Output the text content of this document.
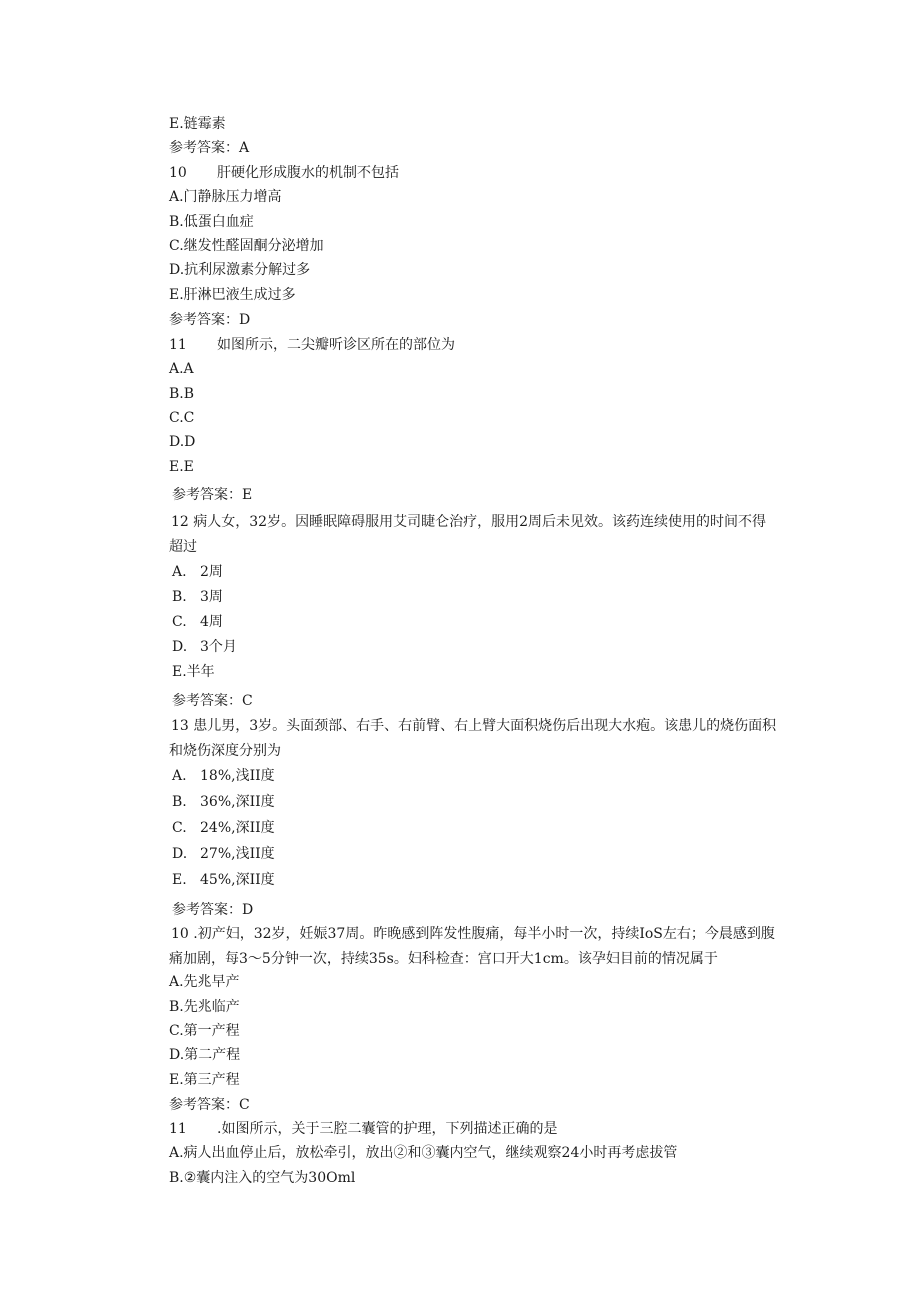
E.链霉素
参考答案：A
10 肝硬化形成腹水的机制不包括
A.门静脉压力增高
B.低蛋白血症
C.继发性醛固酮分泌增加
D.抗利尿激素分解过多
E.肝淋巴液生成过多
参考答案：D
11 如图所示，二尖瓣听诊区所在的部位为
A.A
B.B
C.C
D.D
E.E
参考答案：E
12 病人女，32岁。因睡眠障碍服用艾司睫仑治疗，服用2周后未见效。该药连续使用的时间不得超过
A. 2周
B. 3周
C. 4周
D. 3个月
E.半年
参考答案：C
13 患儿男，3岁。头面颈部、右手、右前臂、右上臂大面积烧伤后出现大水疱。该患儿的烧伤面积和烧伤深度分别为
A. 18%,浅II度
B. 36%,深II度
C. 24%,深II度
D. 27%,浅II度
E. 45%,深II度
参考答案：D
10 .初产妇，32岁，妊娠37周。昨晚感到阵发性腹痛，每半小时一次，持续IoS左右；今晨感到腹痛加剧，每3～5分钟一次，持续35s。妇科检查：宫口开大1cm。该孕妇目前的情况属于
A.先兆早产
B.先兆临产
C.第一产程
D.第二产程
E.第三产程
参考答案：C
11 .如图所示，关于三腔二囊管的护理，下列描述正确的是
A.病人出血停止后，放松牵引，放出②和③囊内空气，继续观察24小时再考虑拔管
B.②囊内注入的空气为30Oml
